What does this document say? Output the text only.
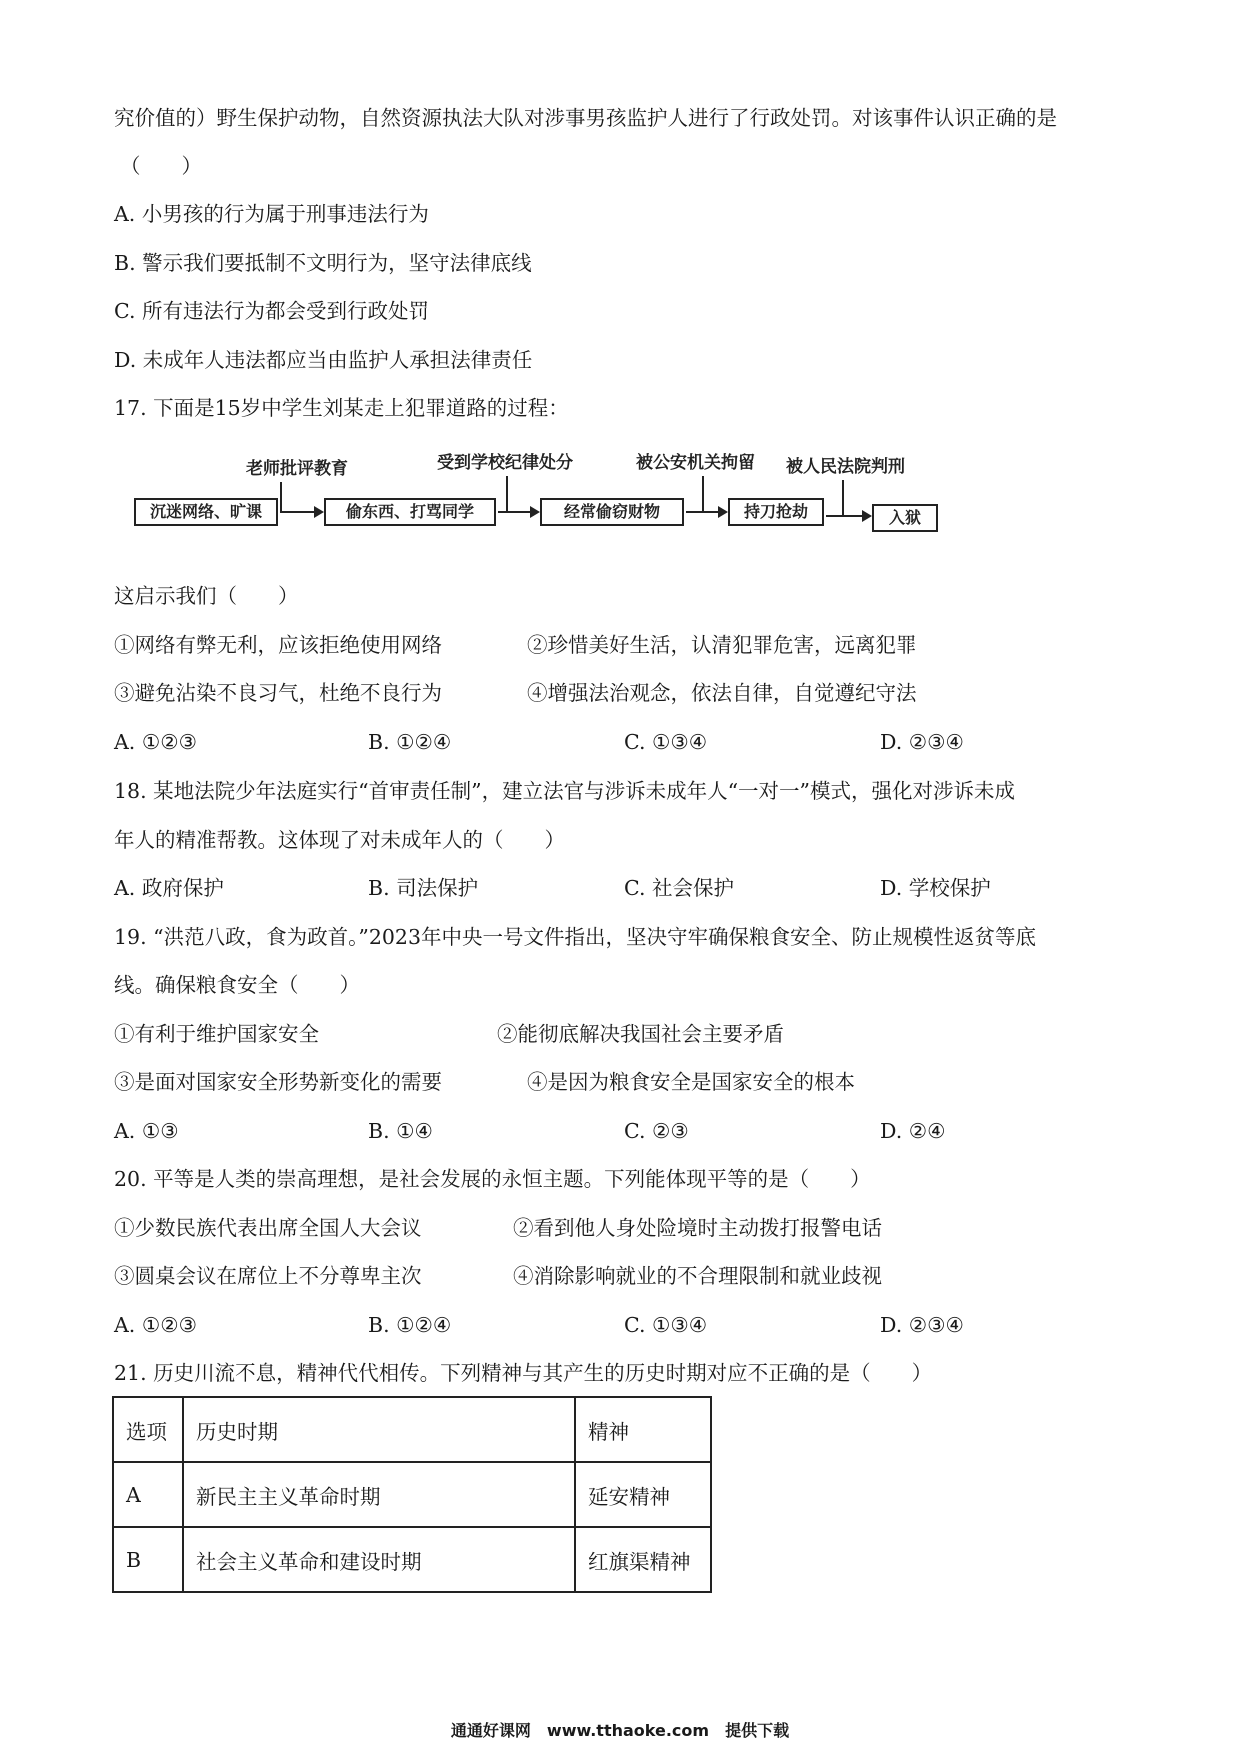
究价值的）野生保护动物，自然资源执法大队对涉事男孩监护人进行了行政处罚。对该事件认识正确的是
（　　）
A. 小男孩的行为属于刑事违法行为
B. 警示我们要抵制不文明行为，坚守法律底线
C. 所有违法行为都会受到行政处罚
D. 未成年人违法都应当由监护人承担法律责任
17. 下面是15岁中学生刘某走上犯罪道路的过程：
老师批评教育	受到学校纪律处分	被公安机关拘留 被人民法院判刑
沉迷网络、旷课	偷东西、打骂同学	经常偷窃财物	持刀抢劫	入狱
这启示我们（　　）
①网络有弊无利，应该拒绝使用网络	②珍惜美好生活，认清犯罪危害，远离犯罪
③避免沾染不良习气，杜绝不良行为	④增强法治观念，依法自律，自觉遵纪守法
A. ①②③	B. ①②④	C. ①③④	D. ②③④
18. 某地法院少年法庭实行“首审责任制”，建立法官与涉诉未成年人“一对一”模式，强化对涉诉未成
年人的精准帮教。这体现了对未成年人的（　　）
A. 政府保护	B. 司法保护	C. 社会保护	D. 学校保护
19. “洪范八政，食为政首。”2023年中央一号文件指出，坚决守牢确保粮食安全、防止规模性返贫等底
线。确保粮食安全（　　）
①有利于维护国家安全	②能彻底解决我国社会主要矛盾
③是面对国家安全形势新变化的需要	④是因为粮食安全是国家安全的根本
A. ①③	B. ①④	C. ②③	D. ②④
20. 平等是人类的崇高理想，是社会发展的永恒主题。下列能体现平等的是（　　）
①少数民族代表出席全国人大会议	②看到他人身处险境时主动拨打报警电话
③圆桌会议在席位上不分尊卑主次	④消除影响就业的不合理限制和就业歧视
A. ①②③	B. ①②④	C. ①③④	D. ②③④
21. 历史川流不息，精神代代相传。下列精神与其产生的历史时期对应不正确的是（　　）
选项	历史时期	精神
A	新民主主义革命时期	延安精神
B	社会主义革命和建设时期	红旗渠精神
通通好课网　www.tthaoke.com　提供下载
